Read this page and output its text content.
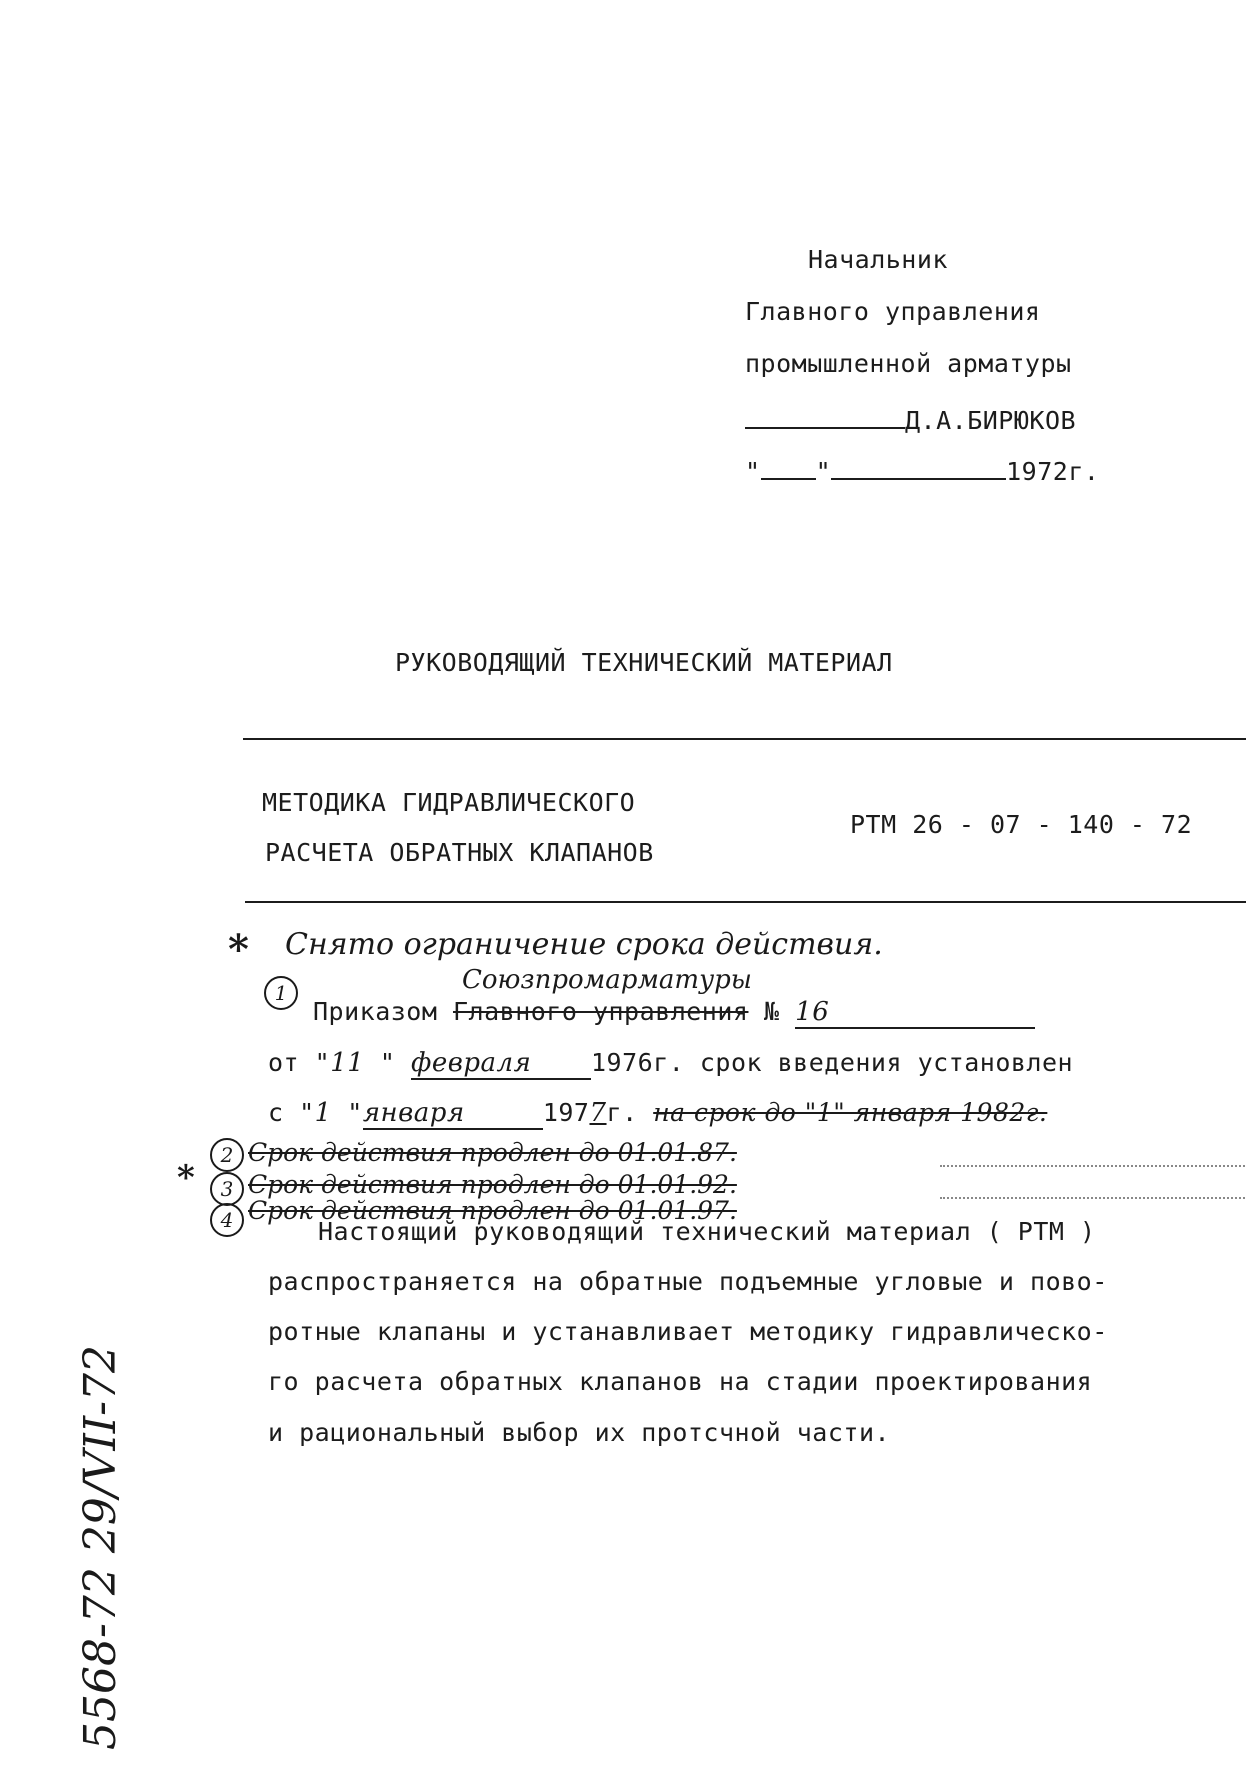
Начальник
Главного управления
промышленной арматуры
Д.А.БИРЮКОВ
" "	1972г.
РУКОВОДЯЩИЙ ТЕХНИЧЕСКИЙ МАТЕРИАЛ
МЕТОДИКА ГИДРАВЛИЧЕСКОГО
РАСЧЕТА ОБРАТНЫХ КЛАПАНОВ
РТМ 26 - 07 - 140 - 72
* Снято ограничение срока действия.
Союзпромарматуры
1
Приказом Главного управления № 16
от "11 " февраля 1976г. срок введения установлен
с "1 "января	1977г. на срок до "1" января 1982г.
2 Срок действия продлен до 01.01.87.
*	3 Срок действия продлен до 01.01.92.
4 Срок действия продлен до 01.01.97.
Настоящий руководящий технический материал ( РТМ )
распространяется на обратные подъемные угловые и пово-
ротные клапаны и устанавливает методику гидравлическо-
го расчета обратных клапанов на стадии проектирования
и рациональный выбор их протсчной части.
5568-72 29/VII-72
